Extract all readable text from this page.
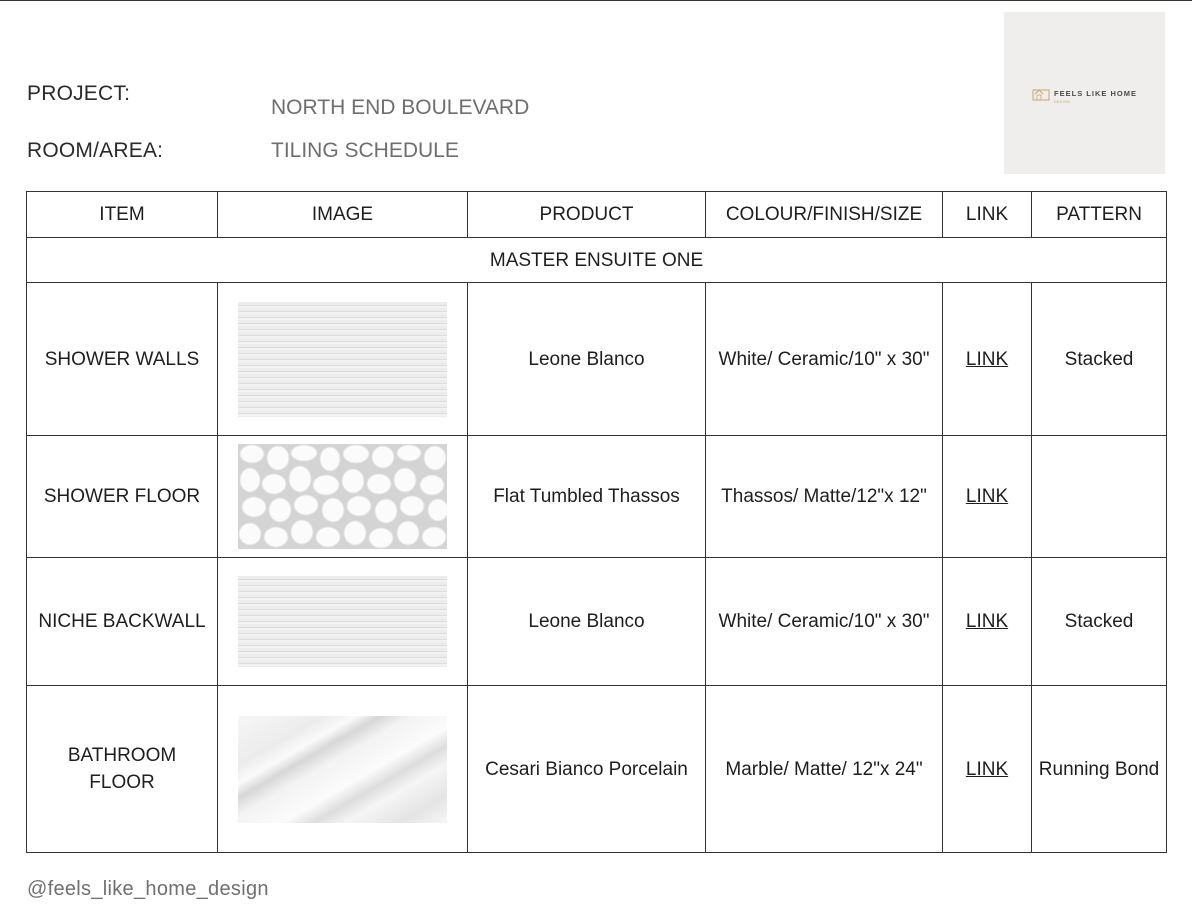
PROJECT:
NORTH END BOULEVARD
ROOM/AREA:	TILING SCHEDULE
FEELS LIKE HOME
DESIGN
ITEM	IMAGE	PRODUCT	COLOUR/FINISH/SIZE	LINK	PATTERN
MASTER ENSUITE ONE					
SHOWER WALLS		Leone Blanco	White/ Ceramic/10" x 30"	LINK	Stacked
SHOWER FLOOR		Flat Tumbled Thassos	Thassos/ Matte/12"x 12"	LINK	
NICHE BACKWALL		Leone Blanco	White/ Ceramic/10" x 30"	LINK	Stacked
BATHROOM FLOOR		Cesari Bianco Porcelain	Marble/ Matte/ 12"x 24"	LINK	Running Bond
@feels_like_home_design
